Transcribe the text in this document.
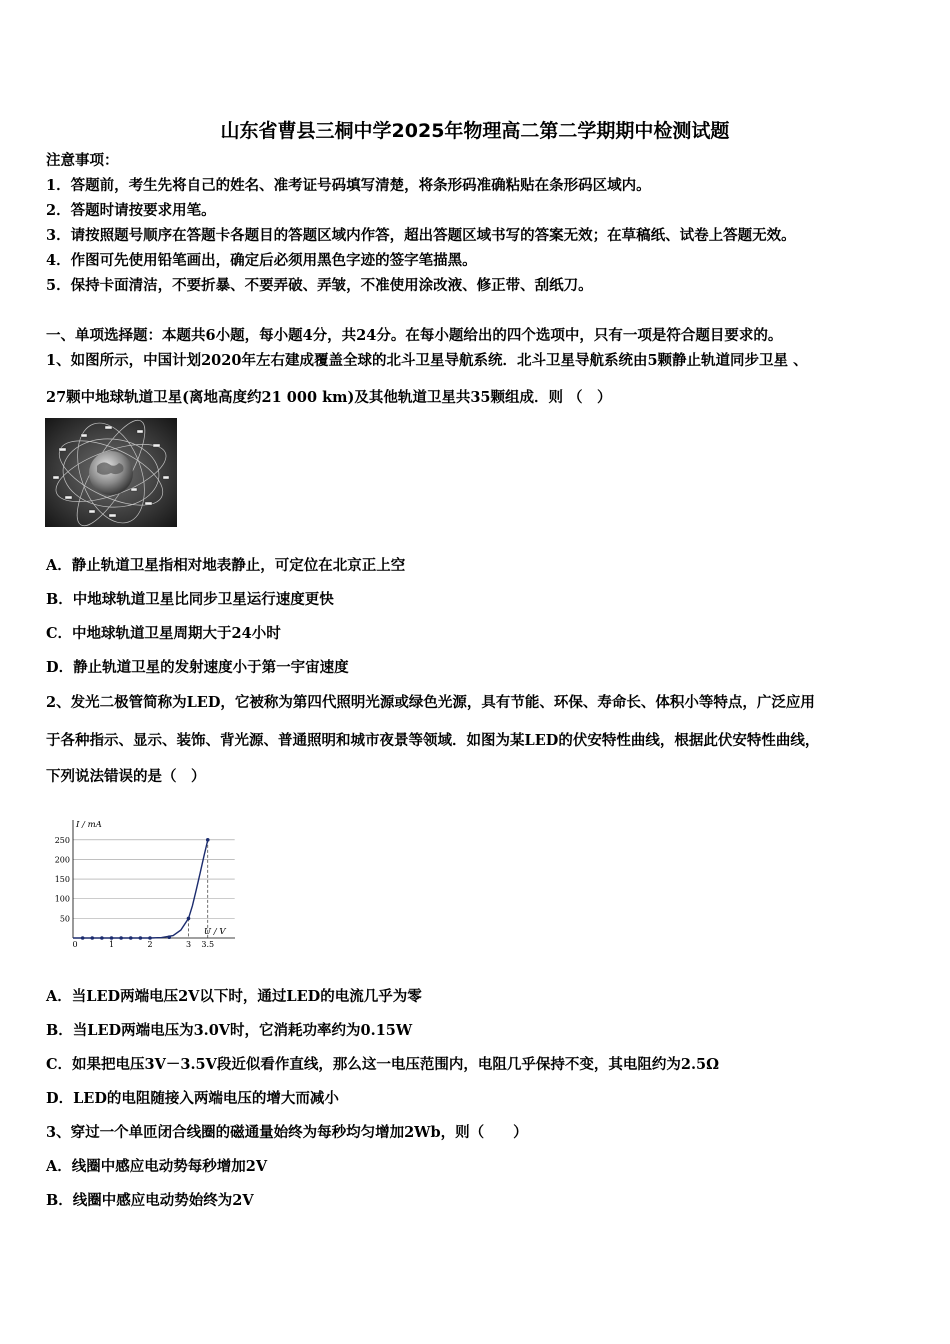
山东省曹县三桐中学2025年物理高二第二学期期中检测试题
注意事项：
1．答题前，考生先将自己的姓名、准考证号码填写清楚，将条形码准确粘贴在条形码区域内。
2．答题时请按要求用笔。
3．请按照题号顺序在答题卡各题目的答题区域内作答，超出答题区域书写的答案无效；在草稿纸、试卷上答题无效。
4．作图可先使用铅笔画出，确定后必须用黑色字迹的签字笔描黑。
5．保持卡面清洁，不要折暴、不要弄破、弄皱，不准使用涂改液、修正带、刮纸刀。
一、单项选择题：本题共6小题，每小题4分，共24分。在每小题给出的四个选项中，只有一项是符合题目要求的。
1、如图所示，中国计划2020年左右建成覆盖全球的北斗卫星导航系统．北斗卫星导航系统由5颗静止轨道同步卫星 、
27颗中地球轨道卫星(离地高度约21 000 km)及其他轨道卫星共35颗组成．则 （　）
A．静止轨道卫星指相对地表静止，可定位在北京正上空
B．中地球轨道卫星比同步卫星运行速度更快
C．中地球轨道卫星周期大于24小时
D．静止轨道卫星的发射速度小于第一宇宙速度
2、发光二极管简称为LED，它被称为第四代照明光源或绿色光源，具有节能、环保、寿命长、体积小等特点，广泛应用
于各种指示、显示、装饰、背光源、普通照明和城市夜景等领域．如图为某LED的伏安特性曲线，根据此伏安特性曲线，
下列说法错误的是（　）
50
100
150
200
250
0	1	2	3 3.5
I / mA
U / V
A．当LED两端电压2V以下时，通过LED的电流几乎为零
B．当LED两端电压为3.0V时，它消耗功率约为0.15W
C．如果把电压3V－3.5V段近似看作直线，那么这一电压范围内，电阻几乎保持不变，其电阻约为2.5Ω
D．LED的电阻随接入两端电压的增大而减小
3、穿过一个单匝闭合线圈的磁通量始终为每秒均匀增加2Wb，则（　　）
A．线圈中感应电动势每秒增加2V
B．线圈中感应电动势始终为2V
